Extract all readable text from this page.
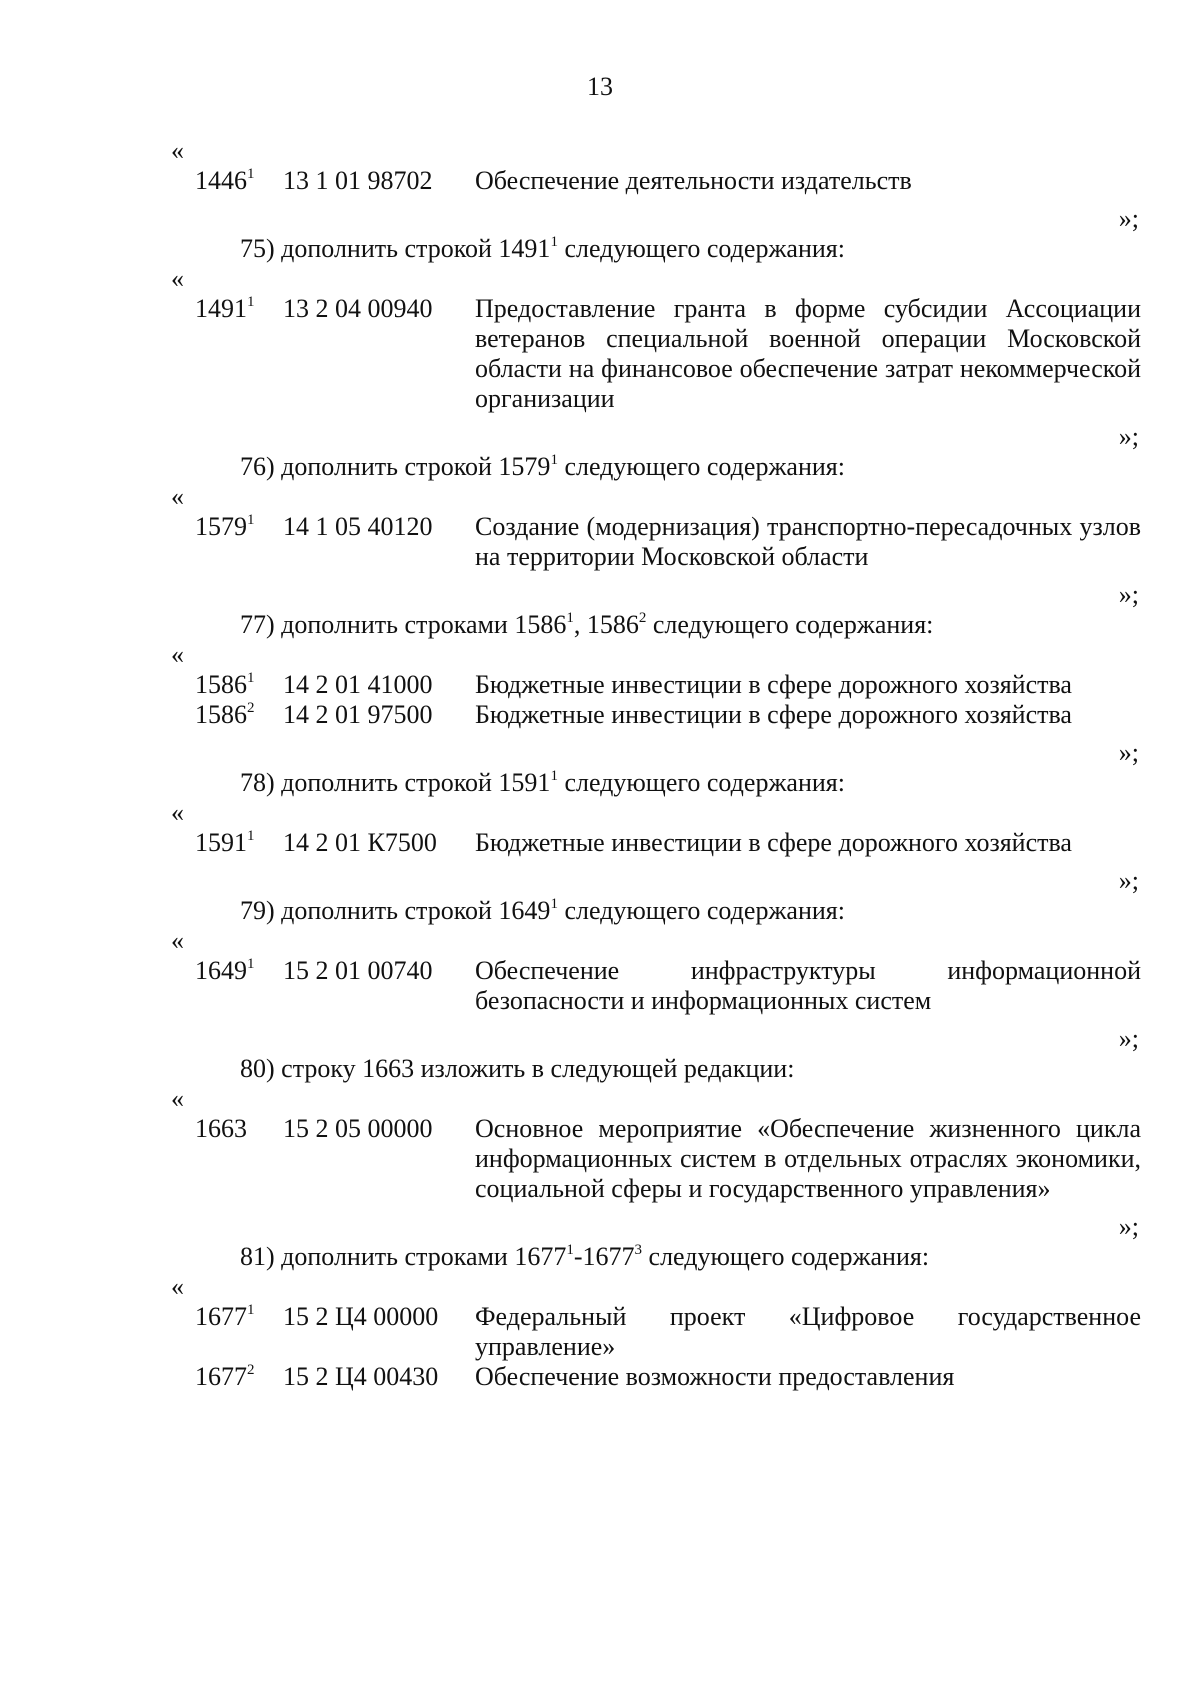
13
«
1446$^1$	13 1 01 98702	Обеспечение деятельности издательств
»;
75) дополнить строкой 1491$^1$ следующего содержания:
«
1491$^1$	13 2 04 00940	Предоставление гранта в форме субсидии Ассоциации ветеранов специальной военной операции Московской области на финансовое обеспечение затрат некоммерческой организации
»;
76) дополнить строкой 1579$^1$ следующего содержания:
«
1579$^1$	14 1 05 40120	Создание (модернизация) транспортно-пересадочных узлов на территории Московской области
»;
77) дополнить строками 1586$^1$, 1586$^2$ следующего содержания:
«
1586$^1$	14 2 01 41000	Бюджетные инвестиции в сфере дорожного хозяйства
1586$^2$	14 2 01 97500	Бюджетные инвестиции в сфере дорожного хозяйства
»;
78) дополнить строкой 1591$^1$ следующего содержания:
«
1591$^1$	14 2 01 К7500	Бюджетные инвестиции в сфере дорожного хозяйства
»;
79) дополнить строкой 1649$^1$ следующего содержания:
«
1649$^1$	15 2 01 00740	Обеспечение инфраструктуры информационной безопасности и информационных систем
»;
80) строку 1663 изложить в следующей редакции:
«
1663	15 2 05 00000	Основное мероприятие «Обеспечение жизненного цикла информационных систем в отдельных отраслях экономики, социальной сферы и государственного управления»
»;
81) дополнить строками 1677$^1$-1677$^3$ следующего содержания:
«
1677$^1$	15 2 Ц4 00000	Федеральный проект «Цифровое государственное управление»
1677$^2$	15 2 Ц4 00430	Обеспечение возможности предоставления
